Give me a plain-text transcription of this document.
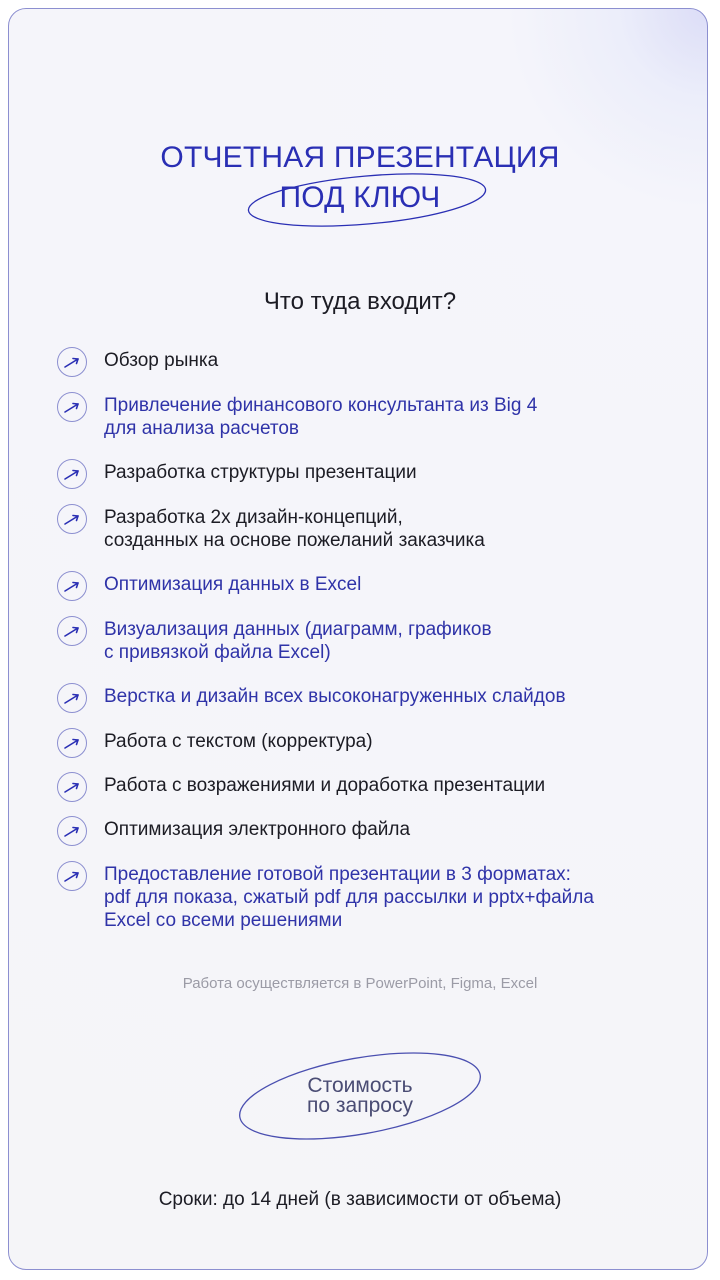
ОТЧЕТНАЯ ПРЕЗЕНТАЦИЯ
ПОД КЛЮЧ
Что туда входит?
Обзор рынка
Привлечение финансового консультанта из Big 4
для анализа расчетов
Разработка структуры презентации
Разработка 2х дизайн-концепций,
созданных на основе пожеланий заказчика
Оптимизация данных в Excel
Визуализация данных (диаграмм, графиков
с привязкой файла Excel)
Верстка и дизайн всех высоконагруженных слайдов
Работа с текстом (корректура)
Работа с возражениями и доработка презентации
Оптимизация электронного файла
Предоставление готовой презентации в 3 форматах:
pdf для показа, сжатый pdf для рассылки и pptx+файла
Excel со всеми решениями
Работа осуществляется в PowerPoint, Figma, Excel
Стоимость
по запросу
Сроки: до 14 дней (в зависимости от объема)
